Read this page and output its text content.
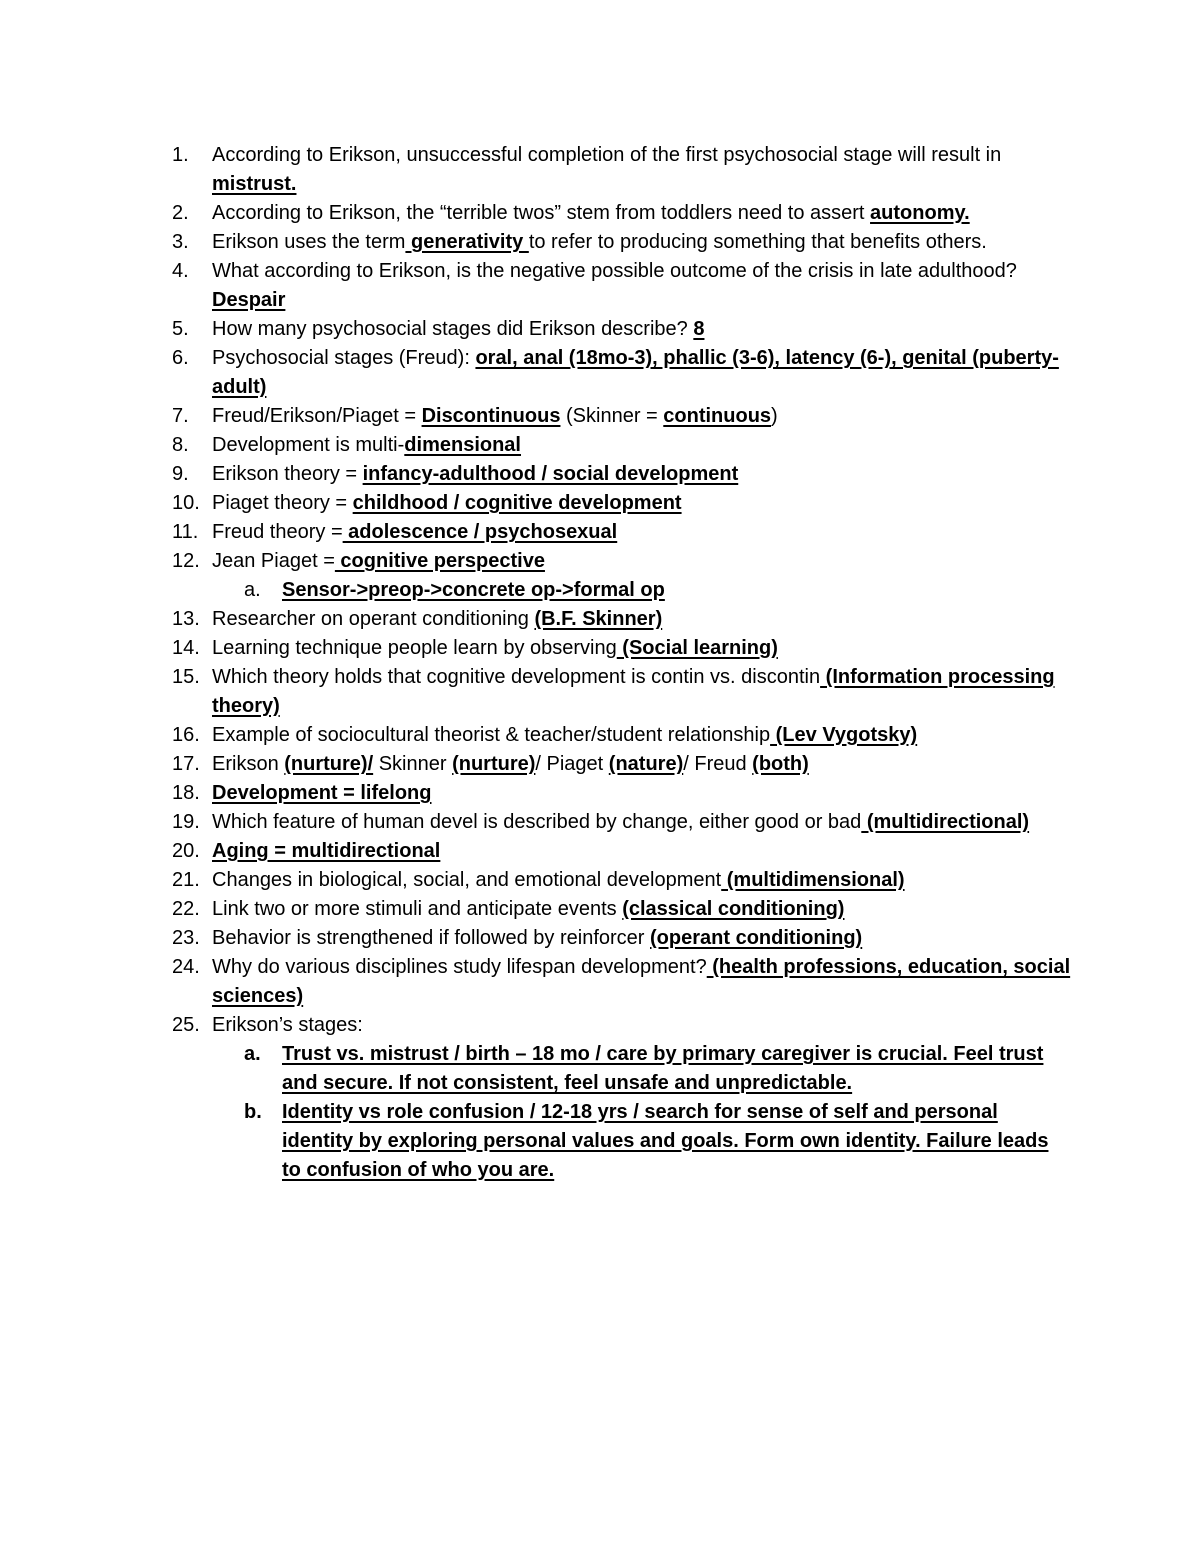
1.	According to Erikson, unsuccessful completion of the first psychosocial stage will result in mistrust.
2.	According to Erikson, the “terrible twos” stem from toddlers need to assert autonomy.
3.	Erikson uses the term generativity to refer to producing something that benefits others.
4.	What according to Erikson, is the negative possible outcome of the crisis in late adulthood? Despair
5.	How many psychosocial stages did Erikson describe? 8
6.	Psychosocial stages (Freud): oral, anal (18mo-3), phallic (3-6), latency (6-), genital (puberty-adult)
7.	Freud/Erikson/Piaget = Discontinuous (Skinner = continuous)
8.	Development is multi-dimensional
9.	Erikson theory = infancy-adulthood / social development
10. Piaget theory = childhood / cognitive development
11. Freud theory = adolescence / psychosexual
12. Jean Piaget = cognitive perspective
a.	Sensor->preop->concrete op->formal op
13. Researcher on operant conditioning (B.F. Skinner)
14. Learning technique people learn by observing (Social learning)
15. Which theory holds that cognitive development is contin vs. discontin (Information processing theory)
16. Example of sociocultural theorist & teacher/student relationship (Lev Vygotsky)
17. Erikson (nurture)/ Skinner (nurture)/ Piaget (nature)/ Freud (both)
18. Development = lifelong
19. Which feature of human devel is described by change, either good or bad (multidirectional)
20. Aging = multidirectional
21. Changes in biological, social, and emotional development (multidimensional)
22. Link two or more stimuli and anticipate events (classical conditioning)
23. Behavior is strengthened if followed by reinforcer (operant conditioning)
24. Why do various disciplines study lifespan development? (health professions, education, social sciences)
25. Erikson’s stages:
a.	Trust vs. mistrust / birth – 18 mo / care by primary caregiver is crucial. Feel trust and secure. If not consistent, feel unsafe and unpredictable.
b.	Identity vs role confusion / 12-18 yrs / search for sense of self and personal identity by exploring personal values and goals. Form own identity. Failure leads to confusion of who you are.
